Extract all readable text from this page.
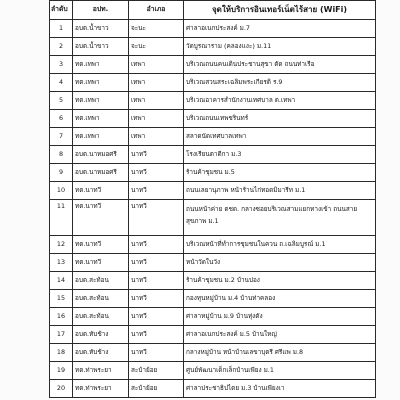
ลำดับ	อปท.	อำเภอ	จุดให้บริการอินเทอร์เน็ตไร้สาย (WiFi)
1	อบต.น้ำขาว	จะนะ	ศาลาอเนกประสงค์ ม.7
2	อบต.น้ำขาว	จะนะ	วัดบูรณาราม (คลองแงะ) ม.11
3	ทต.เทพา	เทพา	บริเวณถนนคนเดินประชานสุขา ตัด ถนนท่าเรือ
4	ทต.เทพา	เทพา	บริเวณสวนสระเฉลิมพระเกียรติ ร.9
5	ทต.เทพา	เทพา	บริเวณอาคารสำนักงานเทศบาล ต.เทพา
6	ทต.เทพา	เทพา	บริเวณถนนเทพชรินทร์
7	ทต.เทพา	เทพา	สลาดนัดเทศบาลเทพา
8	อบต.นาหมอศรี	นาทวี	โรงเรียนตาดีกา ม.3
9	อบต.นาหมอศรี	นาทวี	ร้านค้าชุมชน ม.5
10	ทต.นาทวี	นาทวี	ถนนเลยานุภาพ หน้าร้านไก่ทอดมิมารีท ม.1
11	ทต.นาทวี	นาทวี	ถนนหน้าค่าย ตชด. กลางซอยบริเวณสามแยกทางเข้า ถนนสายสุขภาพ ม.1
12	ทต.นาทวี	นาทวี	บริเวณหน้าที่ทำการชุมชนในควน ถ.เฉลิมบูรณ์ ม.1
13	ทต.นาทวี	นาทวี	หน้าวัดในวัง
14	อบต.สะท้อน	นาทวี	ร้านค้าชุมชน ม.2 บ้านปอง
15	อบต.สะท้อน	นาทวี	กองทุนหมู่บ้าน ม.4 บ้านท่าคลอง
16	อบต.สะท้อน	นาทวี	ศาลาหมู่บ้าน ม.9 บ้านทุ่งตัง
17	อบต.ทับช้าง	นาทวี	ศาลาอเนกประสงค์ ม.5 บ้านใหญ่
18	อบต.ทับช้าง	นาทวี	กลางหมู่บ้าน หน้าบ้านเลขาบุตรี ศรีแพ ม.8
19	ทต.ท่าพระยา	สะบ้าย้อย	ศูนย์พัฒนาเด็กเล็กบ้านเพียง ม.1
20	ทต.ท่าพระยา	สะบ้าย้อย	ศาลาประชาธิปไตย ม.3 บ้านเพียงเา
